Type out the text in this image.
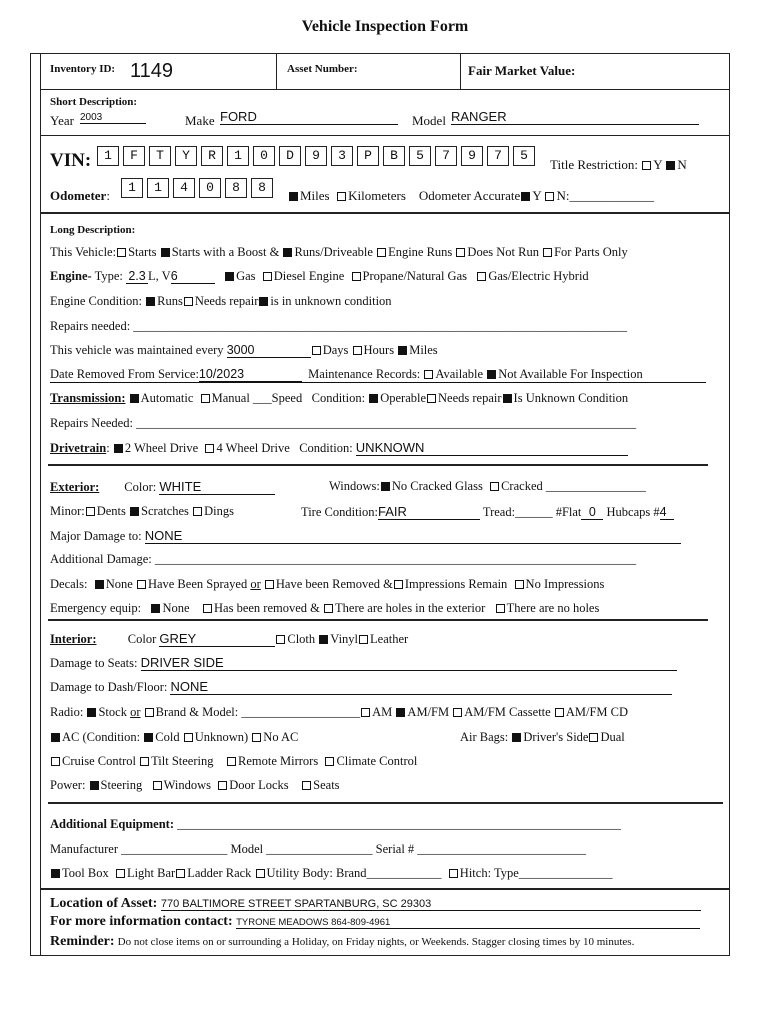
Vehicle Inspection Form
Inventory ID: 1149	Asset Number:	Fair Market Value:
Short Description:
Year 2003	Make FORD	Model RANGER
VIN: 1	F	T	Y	R	1	0	D	9	3	P	B	5	7	9	7	5
Title Restriction: Y N
Odometer:
1	1	4	0	8	8
Miles Kilometers Odometer Accurate Y N:_____________
Long Description:
This Vehicle: Starts Starts with a Boost & Runs/Driveable Engine Runs Does Not Run For Parts Only
Engine- Type: 2.3 L, V6	Gas Diesel Engine Propane/Natural Gas Gas/Electric Hybrid
Engine Condition: Runs Needs repair is in unknown condition
Repairs needed: _______________________________________________________________________________
This vehicle was maintained every 3000	Days Hours Miles
Date Removed From Service:10/2023	Maintenance Records: Available Not Available For Inspection
Transmission: Automatic Manual ___Speed Condition: Operable Needs repair Is Unknown Condition
Repairs Needed: ________________________________________________________________________________
Drivetrain: 2 Wheel Drive 4 Wheel Drive Condition: UNKNOWN
Exterior: Color: WHITE	Windows: No Cracked Glass Cracked ________________
Minor: Dents Scratches Dings	Tire Condition:FAIR	Tread:______ #Flat 0 Hubcaps #4
Major Damage to: NONE
Additional Damage: _____________________________________________________________________________
Decals: None Have Been Sprayed or Have been Removed & Impressions Remain No Impressions
Emergency equip: None Has been removed & There are holes in the exterior There are no holes
Interior:	Color GREY	Cloth Vinyl Leather
Damage to Seats: DRIVER SIDE
Damage to Dash/Floor: NONE
Radio: Stock or Brand & Model: ___________________ AM AM/FM AM/FM Cassette AM/FM CD
AC (Condition: Cold Unknown) No AC	Air Bags: Driver's Side Dual
Cruise Control Tilt Steering Remote Mirrors Climate Control
Power: Steering Windows Door Locks Seats
Additional Equipment: _______________________________________________________________________
Manufacturer _________________ Model _________________ Serial # ___________________________
Tool Box Light Bar Ladder Rack Utility Body: Brand____________ Hitch: Type_______________
Location of Asset: 770 BALTIMORE STREET SPARTANBURG, SC 29303
For more information contact: TYRONE MEADOWS 864-809-4961
Reminder: Do not close items on or surrounding a Holiday, on Friday nights, or Weekends. Stagger closing times by 10 minutes.
